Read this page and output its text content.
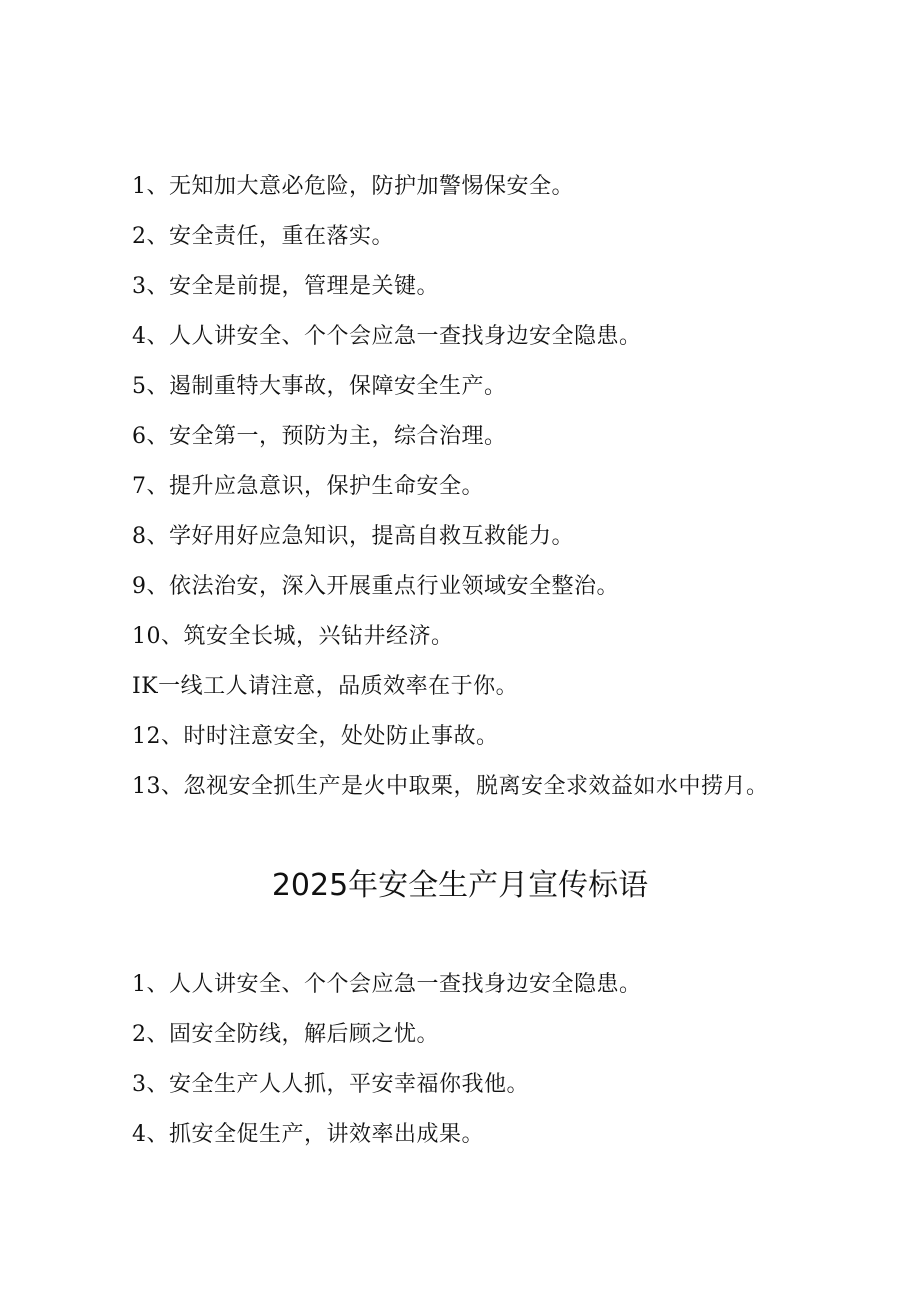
1、无知加大意必危险，防护加警惕保安全。
2、安全责任，重在落实。
3、安全是前提，管理是关键。
4、人人讲安全、个个会应急一查找身边安全隐患。
5、遏制重特大事故，保障安全生产。
6、安全第一，预防为主，综合治理。
7、提升应急意识，保护生命安全。
8、学好用好应急知识，提高自救互救能力。
9、依法治安，深入开展重点行业领域安全整治。
10、筑安全长城，兴钻井经济。
IK一线工人请注意，品质效率在于你。
12、时时注意安全，处处防止事故。
13、忽视安全抓生产是火中取栗，脱离安全求效益如水中捞月。
2025年安全生产月宣传标语
1、人人讲安全、个个会应急一查找身边安全隐患。
2、固安全防线，解后顾之忧。
3、安全生产人人抓，平安幸福你我他。
4、抓安全促生产，讲效率出成果。
